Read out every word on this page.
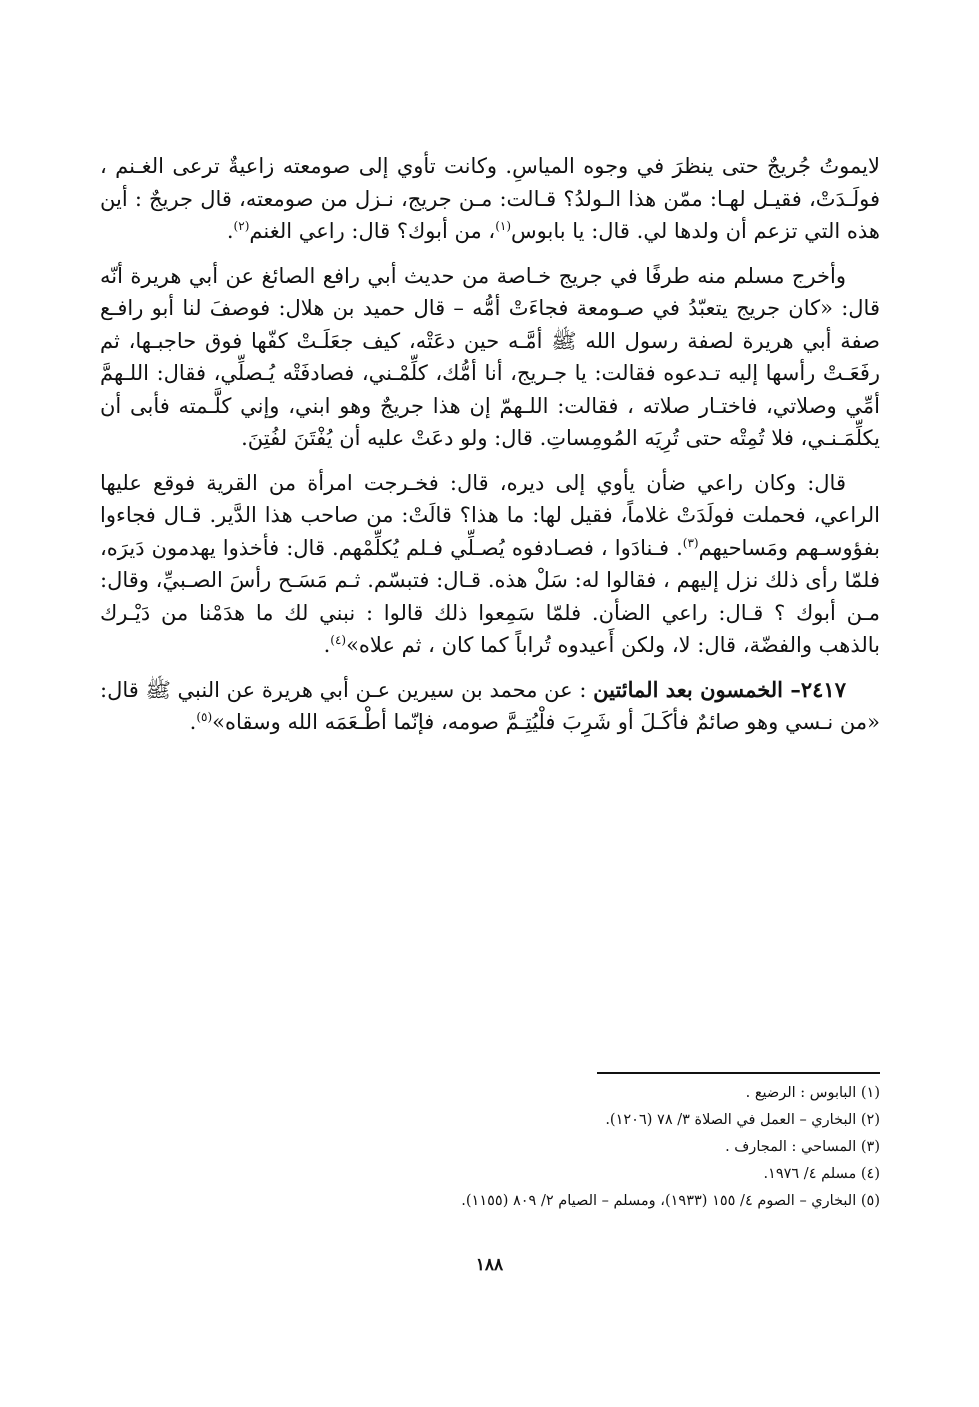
لايموتُ جُريجٌ حتى ينظرَ في وجوه المياسِ. وكانت تأوي إلى صومعته زاعيةٌ ترعى الغـنم ، فولَـدَتْ، فقيـل لهـا: ممّن هذا الـولدُ؟ قـالت: مـن جريج، نـزل من صومعته، قال جريجٌ : أين هذه التي تزعم أن ولدها لي. قال: يا بابوس$^{(١)}$، من أبوك؟ قال: راعي الغنم$^{(٢)}$.

وأخرج مسلم منه طرفًا في جريج خـاصة من حديث أبي رافع الصائغ عن أبي هريرة أنّه قال: «كان جريج يتعبّدُ في صـومعة فجاءَتْ أمُّه – قال حميد بن هلال: فوصفَ لنا أبو رافـع صفة أبي هريرة لصفة رسول الله ﷺ أمَّـه حين دعَتْه، كيف جعَلَـتْ كفّها فوق حاجبـها، ثم رفَعَـتْ رأسها إليه تـدعوه فقالت: يا جـريج، أنا أمُّك، كلِّمْـني، فصادفَتْه يُـصلِّي، فقال: اللـهمَّ أمِّي وصلاتي، فاختـار صلاته ، فقالت: اللـهمّ إن هذا جريجٌ وهو ابني، وإني كلَّـمته فأبى أن يكلِّمَـنـي، فلا تُمِتْه حتى تُرِيَه المُومِساتِ. قال: ولو دعَتْ عليه أن يُفْتَنَ لفُتِنَ.

قال: وكان راعي ضأن يأوي إلى ديره، قال: فخـرجت امرأة من القرية فوقع عليها الراعي، فحملت فولَدَتْ غلاماً، فقيل لها: ما هذا؟ قالَتْ: من صاحب هذا الدَّير. قـال فجاءوا بفؤوسـهم ومَساحيهم$^{(٣)}$. فـنادَوا ، فصـادفوه يُصـلِّي فـلم يُكلِّمْهم. قال: فأخذوا يهدمون دَيرَه، فلمّا رأى ذلك نزل إليهم ، فقالوا له: سَلْ هذه. قـال: فتبسّم. ثـم مَسَـح رأسَ الصـبيِّ، وقال: مـن أبوك ؟ قـال: راعي الضأن. فلمّا سَمِعوا ذلك قالوا : نبني لك ما هدَمْنا من دَيْـرك بالذهب والفضّة، قال: لا، ولكن أَعيدوه تُراباً كما كان ، ثم علاه»$^{(٤)}$.

٢٤١٧– الخمسون بعد المائتين : عن محمد بن سيرين عـن أبي هريرة عن النبي ﷺ قال: «من نـسي وهو صائمٌ فأكَـلَ أو شَرِبَ فلْيُتِـمَّ صومه، فإنّما أطْـعَمَه الله وسقاه»$^{(٥)}$.

(١) البابوس : الرضيع .
(٢) البخاري – العمل في الصلاة ٣/ ٧٨ (١٢٠٦).
(٣) المساحي : المجارف .
(٤) مسلم ٤/ ١٩٧٦.
(٥) البخاري – الصوم ٤/ ١٥٥ (١٩٣٣)، ومسلم – الصيام ٢/ ٨٠٩ (١١٥٥).
١٨٨
